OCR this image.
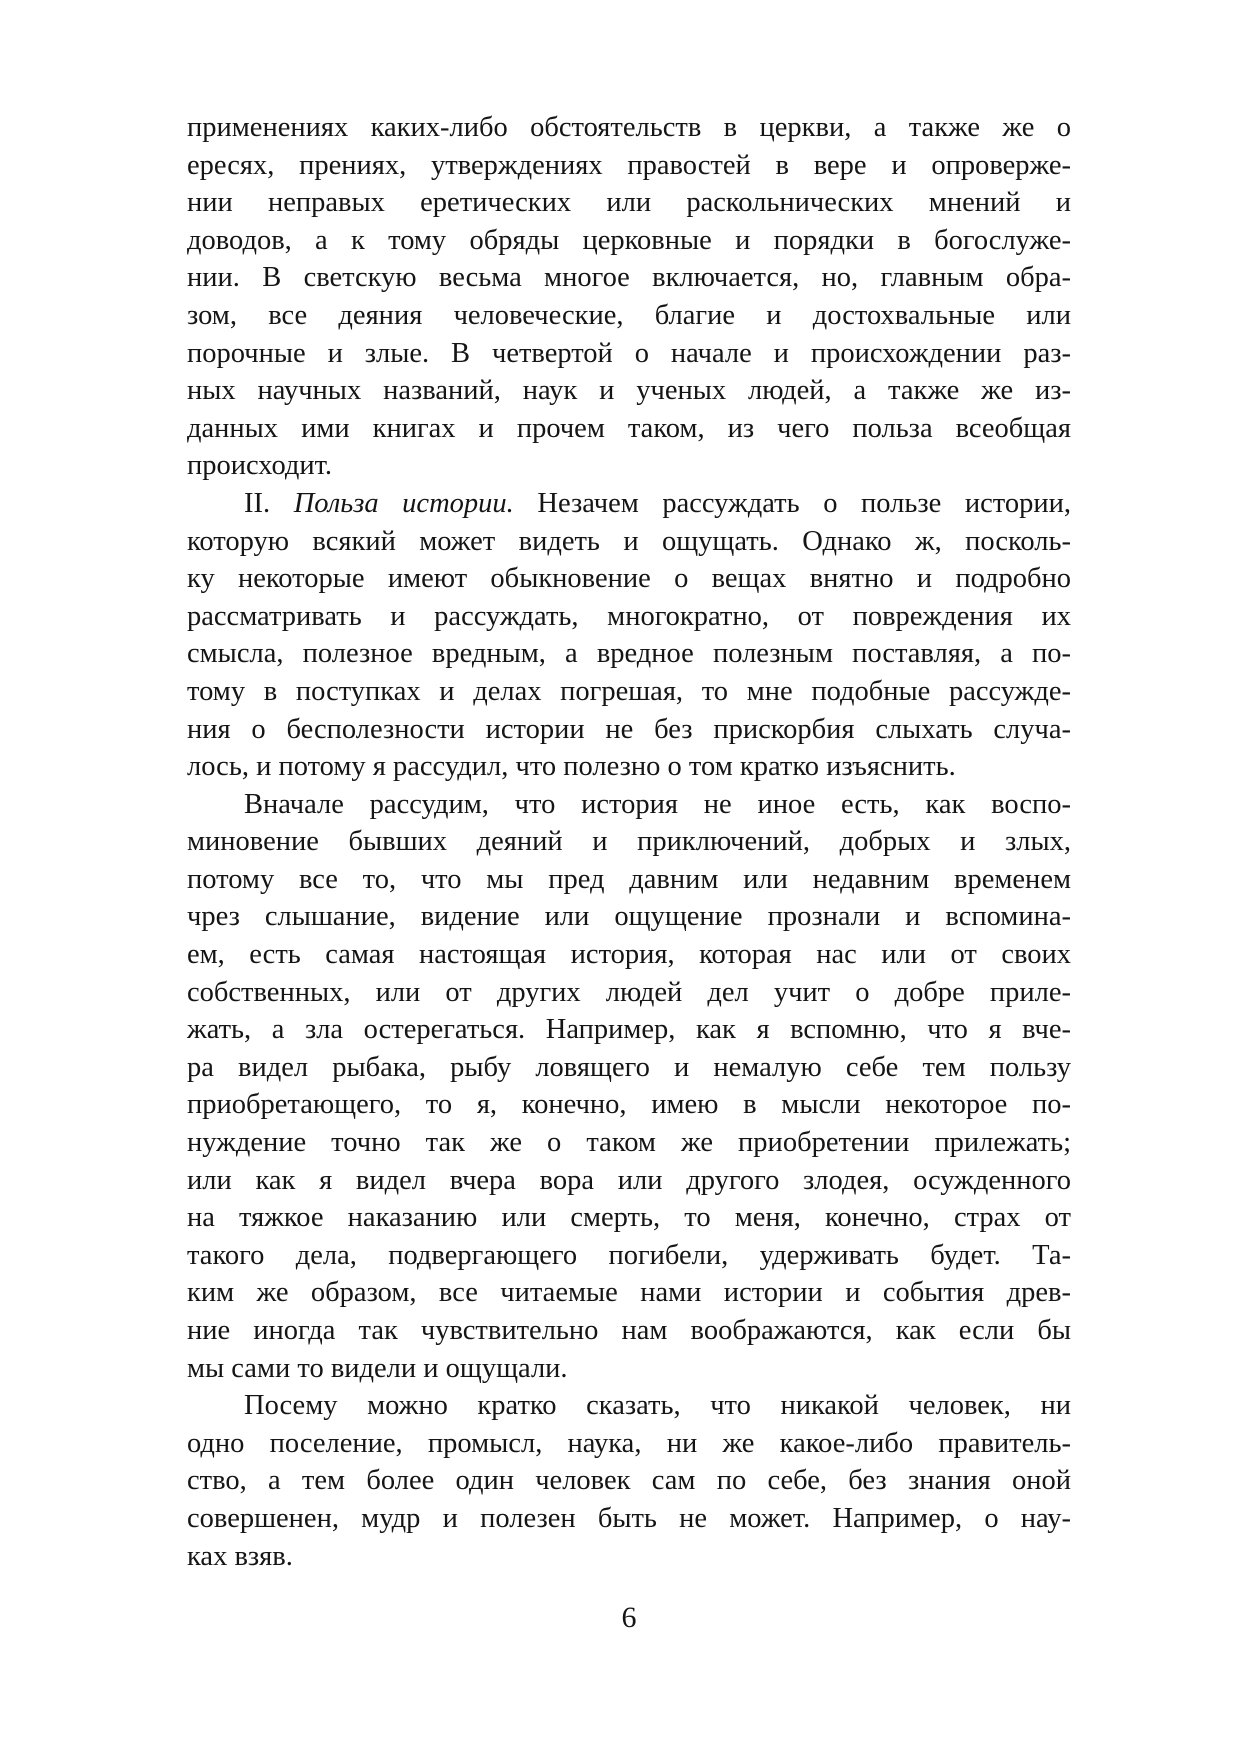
применениях каких-либо обстоятельств в церкви, а также же о
ересях, прениях, утверждениях правостей в вере и опроверже-
нии неправых еретических или раскольнических мнений и
доводов, а к тому обряды церковные и порядки в богослуже-
нии. В светскую весьма многое включается, но, главным обра-
зом, все деяния человеческие, благие и достохвальные или
порочные и злые. В четвертой о начале и происхождении раз-
ных научных названий, наук и ученых людей, а также же из-
данных ими книгах и прочем таком, из чего польза всеобщая
происходит.
II. Польза истории. Незачем рассуждать о пользе истории,
которую всякий может видеть и ощущать. Однако ж, посколь-
ку некоторые имеют обыкновение о вещах внятно и подробно
рассматривать и рассуждать, многократно, от повреждения их
смысла, полезное вредным, а вредное полезным поставляя, а по-
тому в поступках и делах погрешая, то мне подобные рассужде-
ния о бесполезности истории не без прискорбия слыхать случа-
лось, и потому я рассудил, что полезно о том кратко изъяснить.
Вначале рассудим, что история не иное есть, как воспо-
миновение бывших деяний и приключений, добрых и злых,
потому все то, что мы пред давним или недавним временем
чрез слышание, видение или ощущение прознали и вспомина-
ем, есть самая настоящая история, которая нас или от своих
собственных, или от других людей дел учит о добре приле-
жать, а зла остерегаться. Например, как я вспомню, что я вче-
ра видел рыбака, рыбу ловящего и немалую себе тем пользу
приобретающего, то я, конечно, имею в мысли некоторое по-
нуждение точно так же о таком же приобретении прилежать;
или как я видел вчера вора или другого злодея, осужденного
на тяжкое наказанию или смерть, то меня, конечно, страх от
такого дела, подвергающего погибели, удерживать будет. Та-
ким же образом, все читаемые нами истории и события древ-
ние иногда так чувствительно нам воображаются, как если бы
мы сами то видели и ощущали.
Посему можно кратко сказать, что никакой человек, ни
одно поселение, промысл, наука, ни же какое-либо правитель-
ство, а тем более один человек сам по себе, без знания оной
совершенен, мудр и полезен быть не может. Например, о нау-
ках взяв.
6
